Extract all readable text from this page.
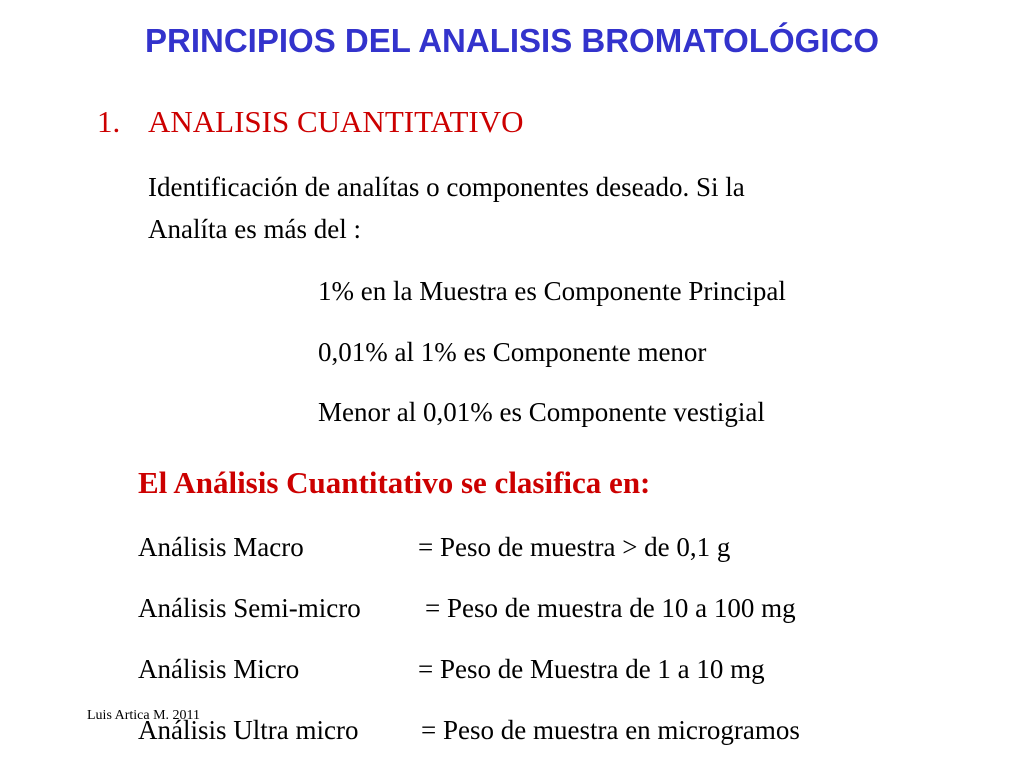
PRINCIPIOS DEL ANALISIS BROMATOLÓGICO
1. ANALISIS CUANTITATIVO
Identificación de analítas o componentes deseado. Si la
Analíta es más del :
1% en la Muestra es Componente Principal
0,01% al 1% es Componente menor
Menor al 0,01% es Componente vestigial
El Análisis Cuantitativo se clasifica en:
Análisis Macro	= Peso de muestra > de 0,1 g
Análisis Semi-micro = Peso de muestra de 10 a 100 mg
Análisis Micro	= Peso de Muestra de 1 a 10 mg
Análisis Ultra micro = Peso de muestra en microgramos
Luis Artica M. 2011
